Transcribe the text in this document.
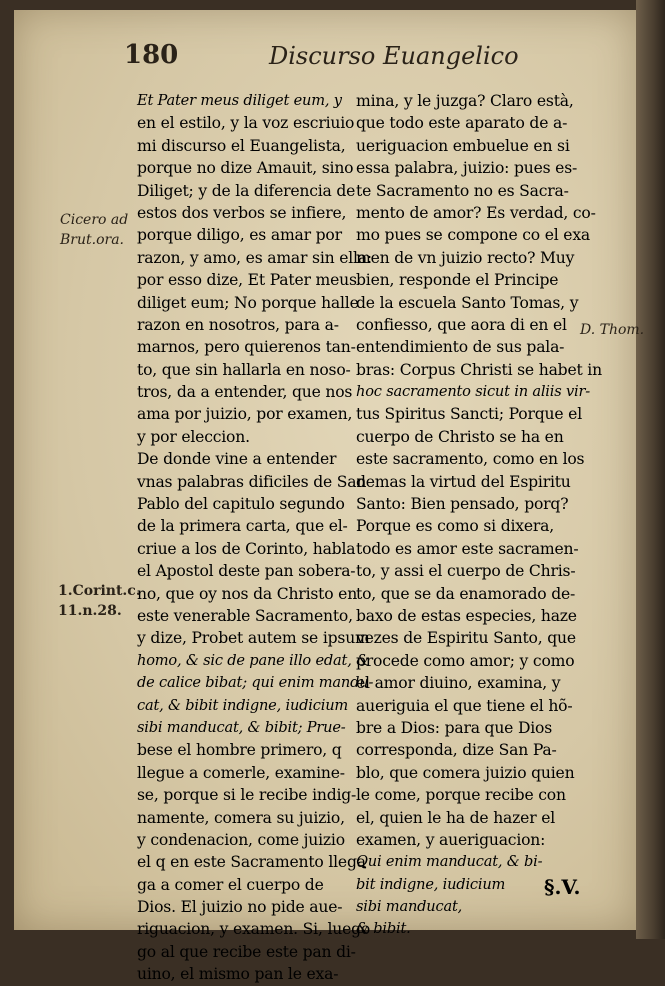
180	Discurso Euangelico
Cicero ad
Brut.ora.
1.Corint.c.
11.n.28.
D. Thom.
Et Pater meus diliget eum, y
en el estilo, y la voz escriuio
mi discurso el Euangelista,
porque no dize Amauit, sino
Diliget; y de la diferencia de
estos dos verbos se infiere,
porque diligo, es amar por
razon, y amo, es amar sin ella:
por esso dize, Et Pater meus
diliget eum; No porque halle
razon en nosotros, para a-
marnos, pero quierenos tan-
to, que sin hallarla en noso-
tros, da a entender, que nos
ama por juizio, por examen,
y por eleccion.
De donde vine a entender
vnas palabras dificiles de San
Pablo del capitulo segundo
de la primera carta, que el-
criue a los de Corinto, habla
el Apostol deste pan sobera-
no, que oy nos da Christo en
este venerable Sacramento,
y dize, Probet autem se ipsum
homo, & sic de pane illo edat, &
de calice bibat; qui enim mandu-
cat, & bibit indigne, iudicium
sibi manducat, & bibit; Prue-
bese el hombre primero, q
llegue a comerle, examine-
se, porque si le recibe indig-
namente, comera su juizio,
y condenacion, come juizio
el q en este Sacramento llega
ga a comer el cuerpo de
Dios. El juizio no pide aue-
riguacion, y examen. Si, luego
go al que recibe este pan di-
uino, el mismo pan le exa-
mina, y le juzga? Claro està,
que todo este aparato de a-
ueriguacion embuelue en si
essa palabra, juizio: pues es-
te Sacramento no es Sacra-
mento de amor? Es verdad, co-
mo pues se compone co el exa
men de vn juizio recto? Muy
bien, responde el Principe
de la escuela Santo Tomas, y
confiesso, que aora di en el
entendimiento de sus pala-
bras: Corpus Christi se habet in
hoc sacramento sicut in aliis vir-
tus Spiritus Sancti; Porque el
cuerpo de Christo se ha en
este sacramento, como en los
demas la virtud del Espiritu
Santo: Bien pensado, porq?
Porque es como si dixera,
todo es amor este sacramen-
to, y assi el cuerpo de Chris-
to, que se da enamorado de-
baxo de estas especies, haze
vezes de Espiritu Santo, que
procede como amor; y como
el amor diuino, examina, y
aueriguia el que tiene el hõ-
bre a Dios: para que Dios
corresponda, dize San Pa-
blo, que comera juizio quien
le come, porque recibe con
el, quien le ha de hazer el
examen, y aueriguacion:
Qui enim manducat, & bi-
bit indigne, iudicium
sibi manducat,
& bibit.
§.V.
